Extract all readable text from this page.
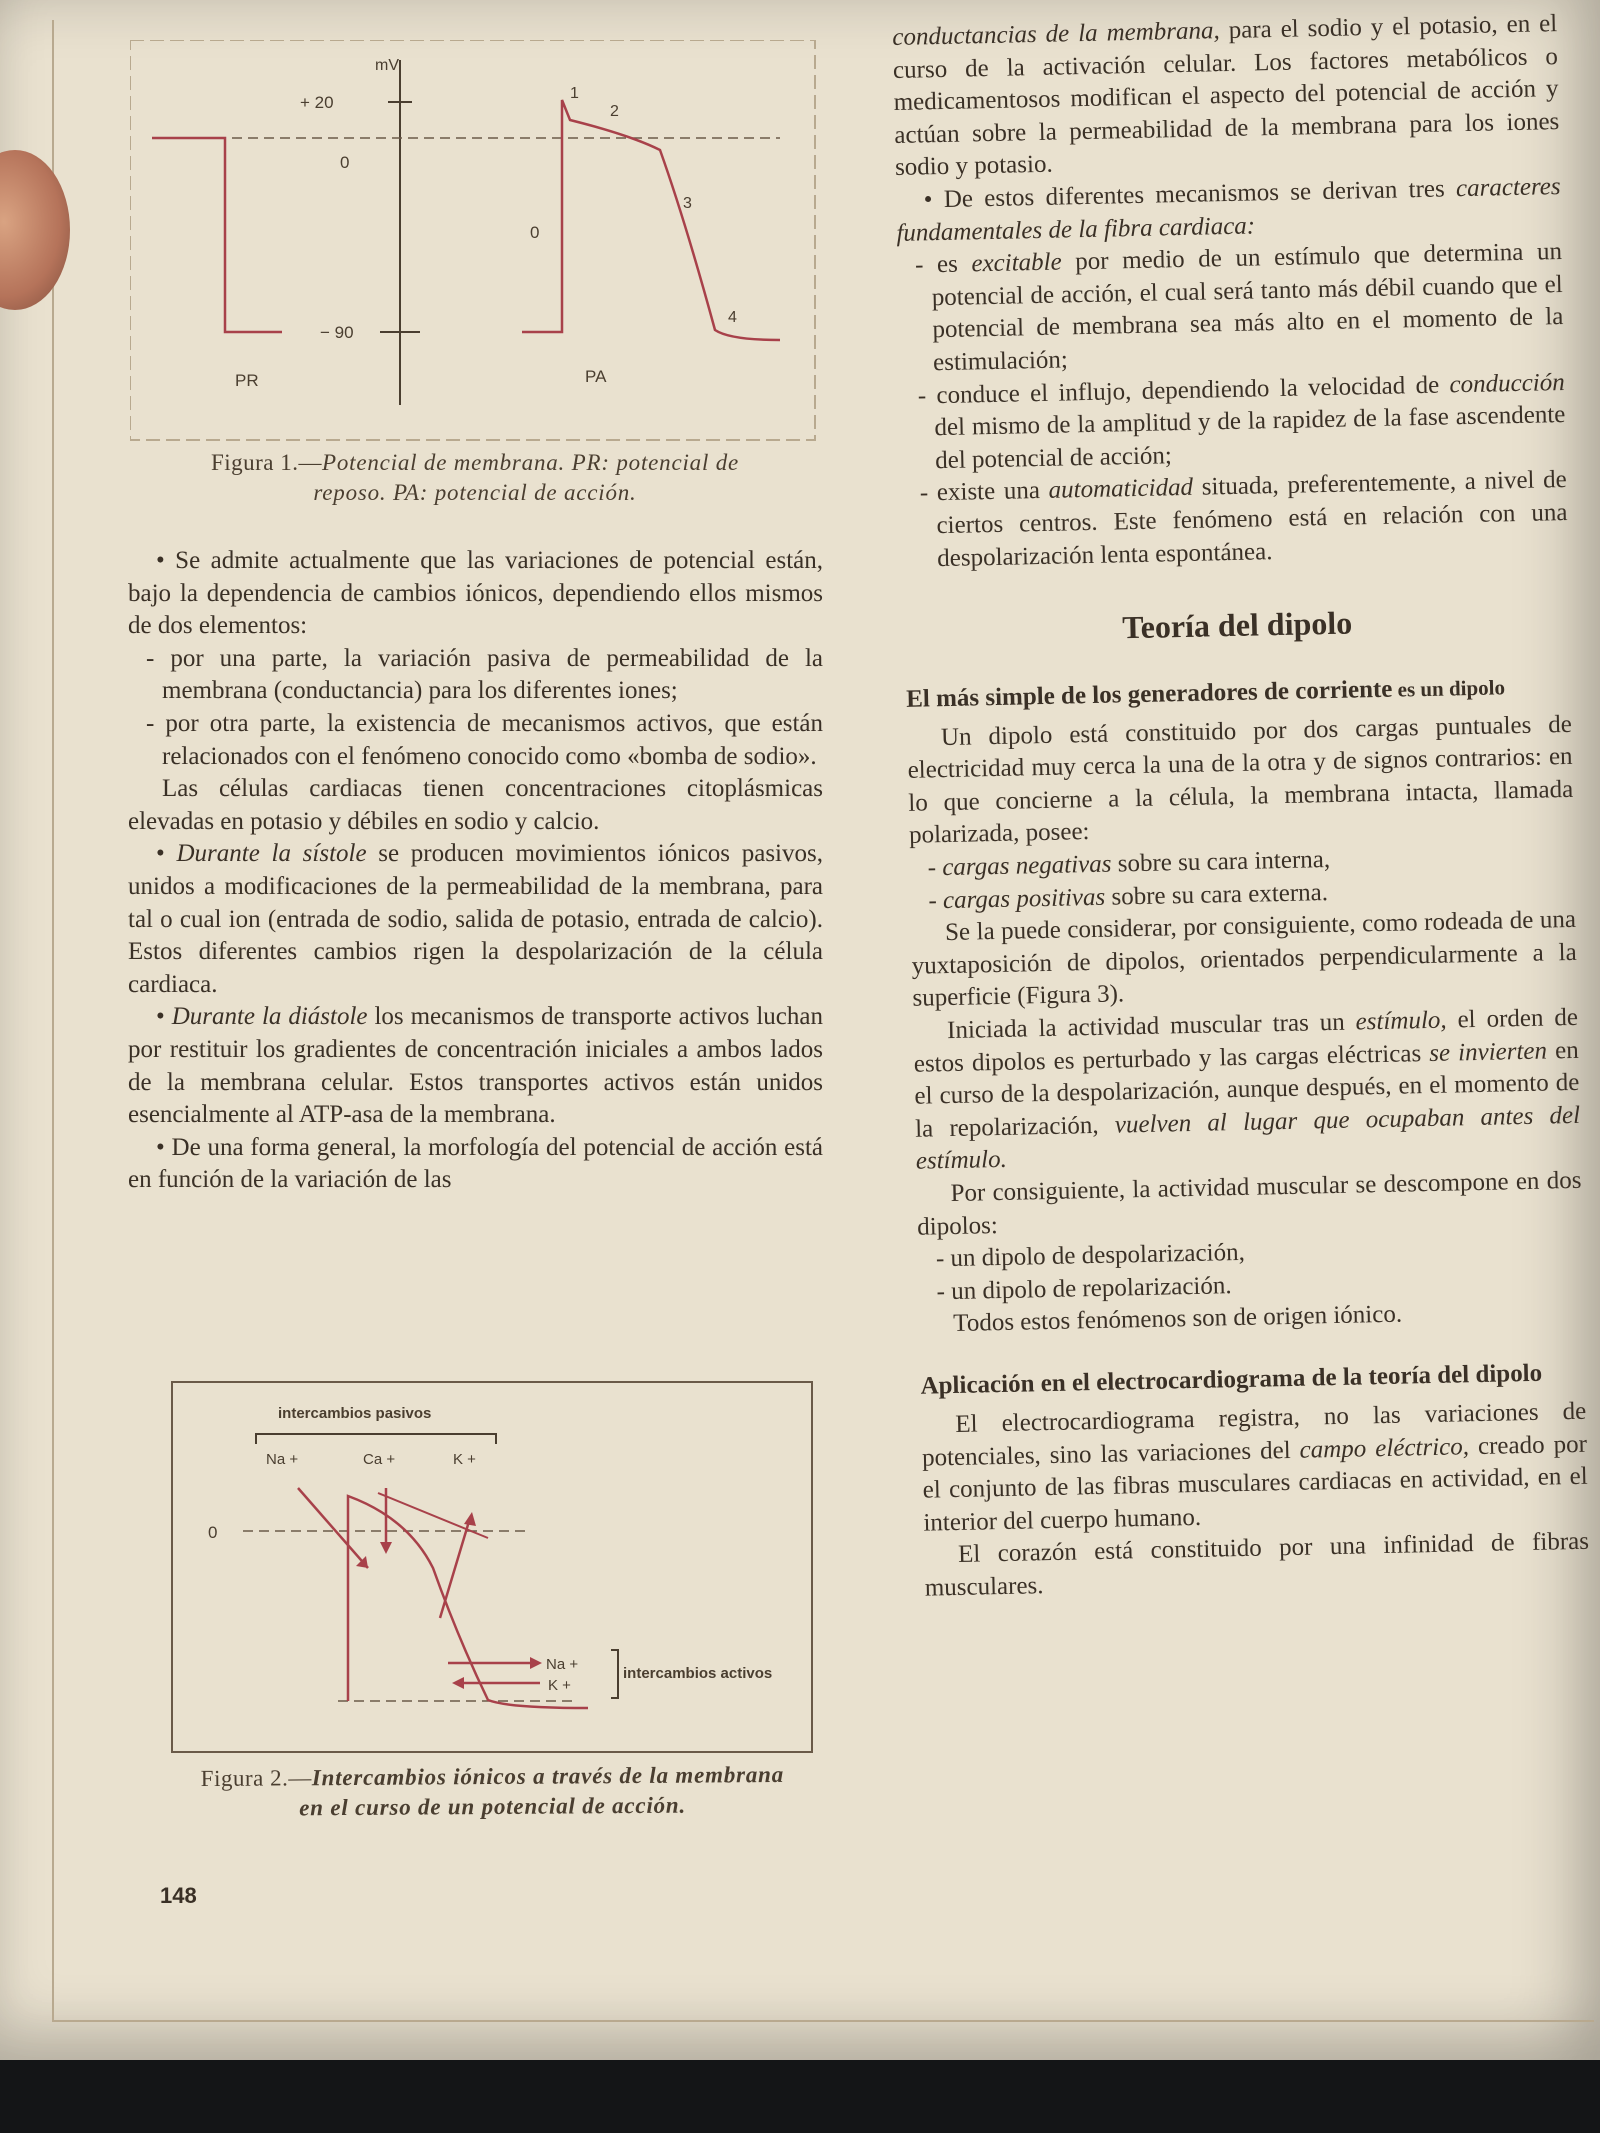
mV
+ 20
0
0
− 90
PR	PA
1
2
3
4
Figura 1.—Potencial de membrana. PR: potencial de
reposo. PA: potencial de acción.

• Se admite actualmente que las variaciones de potencial están, bajo la dependencia de cambios iónicos, dependiendo ellos mismos de dos elementos:

- por una parte, la variación pasiva de permeabilidad de la membrana (conductancia) para los diferentes iones;

- por otra parte, la existencia de mecanismos activos, que están relacionados con el fenómeno conocido como «bomba de sodio».

Las células cardiacas tienen concentraciones citoplásmicas elevadas en potasio y débiles en sodio y calcio.

• Durante la sístole se producen movimientos iónicos pasivos, unidos a modificaciones de la permeabilidad de la membrana, para tal o cual ion (entrada de sodio, salida de potasio, entrada de calcio). Estos diferentes cambios rigen la despolarización de la célula cardiaca.

• Durante la diástole los mecanismos de transporte activos luchan por restituir los gradientes de concentración iniciales a ambos lados de la membrana celular. Estos transportes activos están unidos esencialmente al ATP-asa de la membrana.

• De una forma general, la morfología del potencial de acción está en función de la variación de las

intercambios pasivos
Na +	Ca +	K +
0
Na +
K +
intercambios activos
Figura 2.—Intercambios iónicos a través de la membrana
en el curso de un potencial de acción.

conductancias de la membrana, para el sodio y el potasio, en el curso de la activación celular. Los factores metabólicos o medicamentosos modifican el aspecto del potencial de acción y actúan sobre la permeabilidad de la membrana para los iones sodio y potasio.

• De estos diferentes mecanismos se derivan tres caracteres fundamentales de la fibra cardiaca:

- es excitable por medio de un estímulo que determina un potencial de acción, el cual será tanto más débil cuando que el potencial de membrana sea más alto en el momento de la estimulación;

- conduce el influjo, dependiendo la velocidad de conducción del mismo de la amplitud y de la rapidez de la fase ascendente del potencial de acción;

- existe una automaticidad situada, preferentemente, a nivel de ciertos centros. Este fenómeno está en relación con una despolarización lenta espontánea.

Teoría del dipolo
El más simple de los generadores de corriente es un dipolo

Un dipolo está constituido por dos cargas puntuales de electricidad muy cerca la una de la otra y de signos contrarios: en lo que concierne a la célula, la membrana intacta, llamada polarizada, posee:

- cargas negativas sobre su cara interna,

- cargas positivas sobre su cara externa.

Se la puede considerar, por consiguiente, como rodeada de una yuxtaposición de dipolos, orientados perpendicularmente a la superficie (Figura 3).

Iniciada la actividad muscular tras un estímulo, el orden de estos dipolos es perturbado y las cargas eléctricas se invierten en el curso de la despolarización, aunque después, en el momento de la repolarización, vuelven al lugar que ocupaban antes del estímulo.

Por consiguiente, la actividad muscular se descompone en dos dipolos:

- un dipolo de despolarización,

- un dipolo de repolarización.

Todos estos fenómenos son de origen iónico.

Aplicación en el electrocardiograma de la teoría del dipolo

El electrocardiograma registra, no las variaciones de potenciales, sino las variaciones del campo eléctrico, creado por el conjunto de las fibras musculares cardiacas en actividad, en el interior del cuerpo humano.

El corazón está constituido por una infinidad de fibras musculares.

148
